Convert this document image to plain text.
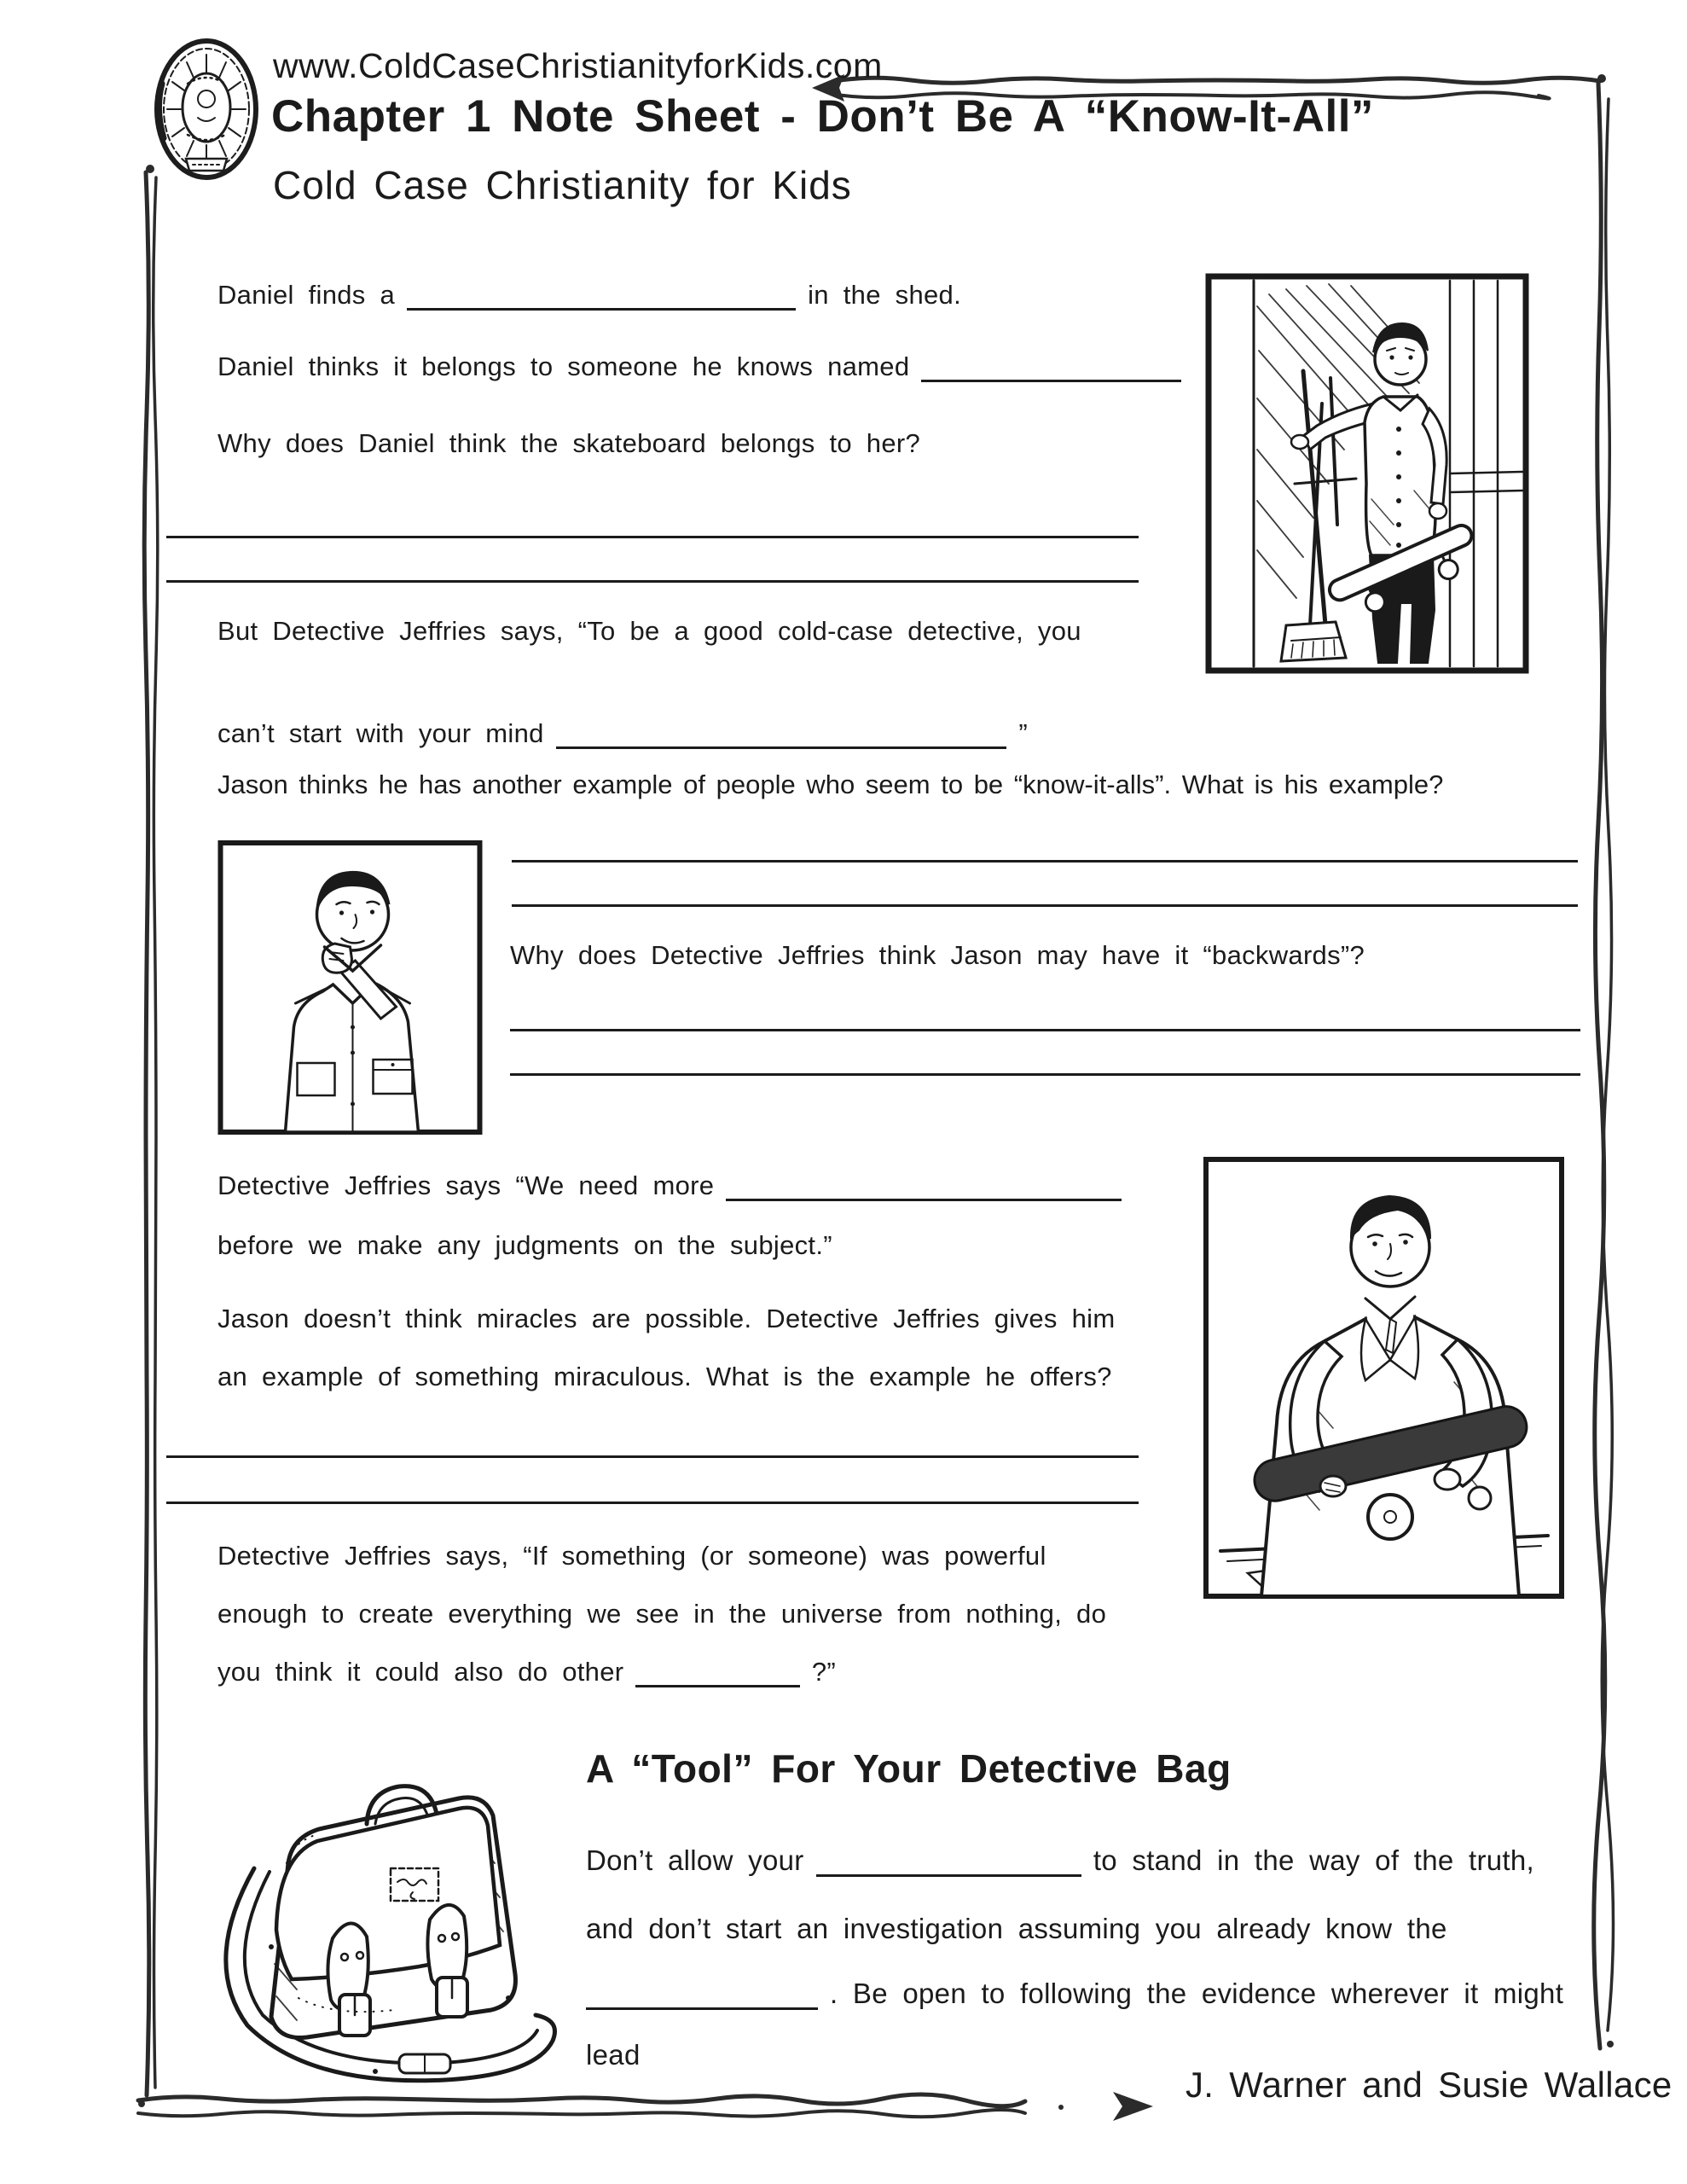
www.ColdCaseChristianityforKids.com
Chapter 1 Note Sheet - Don’t Be A “Know-It-All”
Cold Case Christianity for Kids
Daniel finds a	in the shed.
Daniel thinks it belongs to someone he knows named
Why does Daniel think the skateboard belongs to her?
But Detective Jeffries says, “To be a good cold-case detective, you
can’t start with your mind	”
Jason thinks he has another example of people who seem to be “know-it-alls”. What is his example?
Why does Detective Jeffries think Jason may have it “backwards”?
Detective Jeffries says “We need more
before we make any judgments on the subject.”
Jason doesn’t think miracles are possible. Detective Jeffries gives him
an example of something miraculous. What is the example he offers?
Detective Jeffries says, “If something (or someone) was powerful
enough to create everything we see in the universe from nothing, do
you think it could also do other	?”
A “Tool” For Your Detective Bag
Don’t allow your	to stand in the way of the truth,
and don’t start an investigation assuming you already know the
. Be open to following the evidence wherever it might
lead
J. Warner and Susie Wallace
